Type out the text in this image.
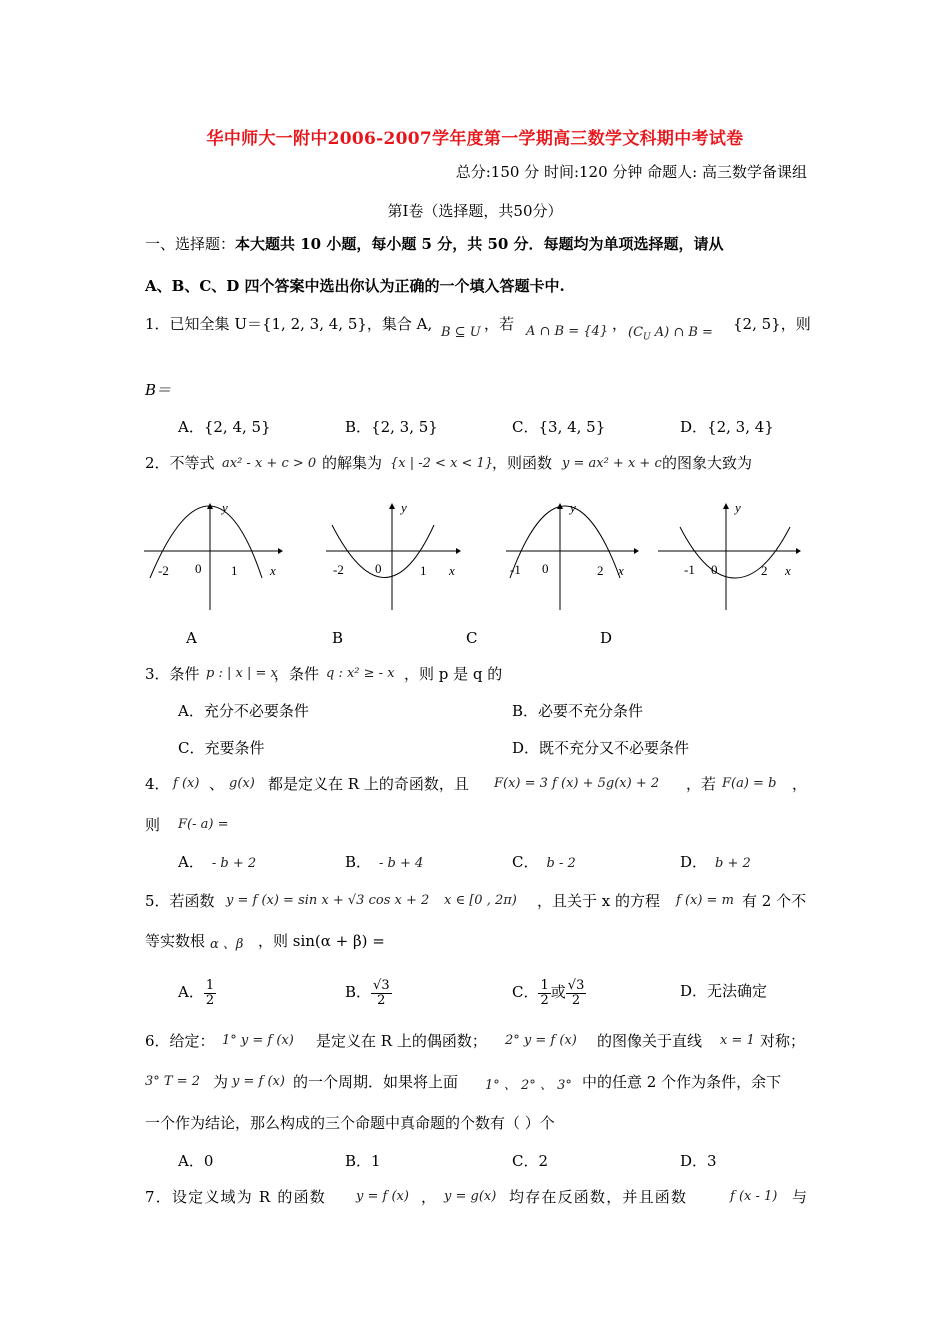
华中师大一附中2006-2007学年度第一学期高三数学文科期中考试卷
总分:150 分 时间:120 分钟 命题人: 高三数学备课组
第Ⅰ卷（选择题，共50分）
一、选择题：本大题共 10 小题，每小题 5 分，共 50 分．每题均为单项选择题，请从
A、B、C、D 四个答案中选出你认为正确的一个填入答题卡中.
1．已知全集 U＝{1, 2, 3, 4, 5}，集合 A, B ⊆ U ，若 A ∩ B = {4} ， ($C_U$ A) ∩ B = {2, 5}，则
B＝
A．{2, 4, 5}	B．{2, 3, 5}	C．{3, 4, 5}	D．{2, 3, 4}
2．不等式 ax² - x + c > 0 的解集为 {x | -2 < x < 1}
，则函数 y = ax² + x + c 的图象大致为
y
x
0
-2	1
y
x
0
-2	1
y
x
0
-1	2
y
x
0
-1	2
A	B	C	D
3．条件 p : | x | = x
，条件 q : x² ≥ - x ，则 p 是 q 的
A．充分不必要条件	B．必要不充分条件
C．充要条件	D．既不充分又不必要条件
4． f (x) 、 g(x) 都是定义在 R 上的奇函数，且 F(x) = 3 f (x) + 5g(x) + 2 ，若 F(a) = b ，
则 F(- a) =
A． - b + 2	B． - b + 4	C． b - 2	D． b + 2
5．若函数 y = f (x) = sin x + √3 cos x + 2 x ∈ [0 , 2π) ，且关于 x 的方程 f (x) = m 有 2 个不
等实数根 α 、β ，则 sin(α + β) =
A． $\frac{1}{2}$	B． $\frac{√3}{2}$	C． $\frac{1}{2}$ 或 $\frac{√3}{2}$	D．无法确定
6．给定： 1° y = f (x) 是定义在 R 上的偶函数； 2° y = f (x) 的图像关于直线 x = 1 对称；
3° T = 2 为 y = f (x) 的一个周期．如果将上面 1° 、 2° 、 3° 中的任意 2 个作为条件，余下
一个作为结论，那么构成的三个命题中真命题的个数有（ ）个
A．0	B．1	C．2	D．3
7．设定义域为 R 的函数 y = f (x) ， y = g(x) 均存在反函数，并且函数	f (x - 1) 与
